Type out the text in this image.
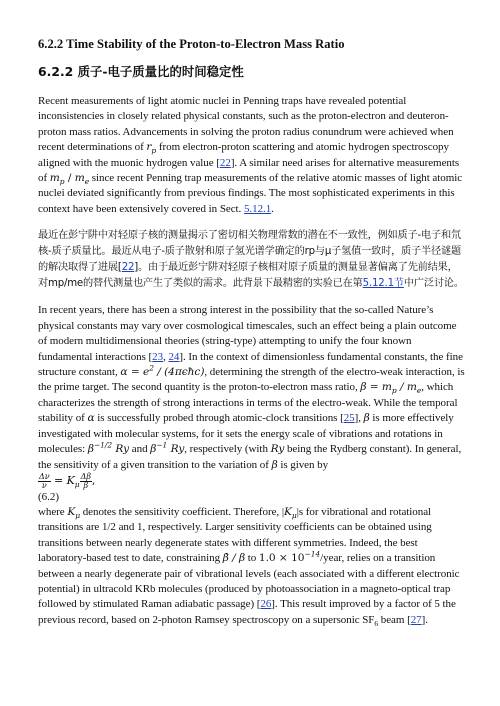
6.2.2 Time Stability of the Proton-to-Electron Mass Ratio
6.2.2 质子-电子质量比的时间稳定性

Recent measurements of light atomic nuclei in Penning traps have revealed potential inconsistencies in closely related physical constants, such as the proton-electron and deuteron-proton mass ratios. Advancements in solving the proton radius conundrum were achieved when recent determinations of $r_p$ from electron-proton scattering and atomic hydrogen spectroscopy aligned with the muonic hydrogen value [22]. A similar need arises for alternative measurements of $m_p / m_e$ since recent Penning trap measurements of the relative atomic masses of light atomic nuclei deviated significantly from previous findings. The most sophisticated experiments in this context have been extensively covered in Sect. 5.12.1.

最近在彭宁阱中对轻原子核的测量揭示了密切相关物理常数的潜在不一致性，例如质子-电子和氘核-质子质量比。最近从电子-质子散射和原子氢光谱学确定的rp与μ子氢值一致时，质子半径谜题的解决取得了进展[22]。由于最近彭宁阱对轻原子核相对原子质量的测量显著偏离了先前结果，对mp/me的替代测量也产生了类似的需求。此背景下最精密的实验已在第5.12.1节中广泛讨论。

In recent years, there has been a strong interest in the possibility that the so-called Nature’s physical constants may vary over cosmological timescales, such an effect being a plain outcome of modern multidimensional theories (string-type) attempting to unify the four known fundamental interactions [23, 24]. In the context of dimensionless fundamental constants, the fine structure constant, $\alpha = e^2$ / (4πϵħc), determining the strength of the electro-weak interaction, is the prime target. The second quantity is the proton-to-electron mass ratio, $\beta = m_p / m_e$, which characterizes the strength of strong interactions in terms of the electro-weak. While the temporal stability of α is successfully probed through atomic-clock transitions [25], β is more effectively investigated with molecular systems, for it sets the energy scale of vibrations and rotations in molecules: $\beta^{-1/2}$ Ry and $\beta^{-1}$ Ry, respectively (with Ry being the Rydberg constant). In general, the sensitivity of a given transition to the variation of β is given by

$\frac{\Delta\nu}{\nu} = K_\mu \frac{\Delta\beta}{\beta}$ ,

(6.2)

where $K_\mu$ denotes the sensitivity coefficient. Therefore, $|K_\mu|s$ for vibrational and rotational transitions are 1/2 and 1, respectively. Larger sensitivity coefficients can be obtained using transitions between nearly degenerate states with different symmetries. Indeed, the best laboratory-based test to date, constraining β̇ / β to $1.0 \times 10^{-14}$/year, relies on a transition between a nearly degenerate pair of vibrational levels (each associated with a different electronic potential) in ultracold KRb molecules (produced by photoassociation in a magneto-optical trap followed by stimulated Raman adiabatic passage) [26]. This result improved by a factor of 5 the previous record, based on 2-photon Ramsey spectroscopy on a supersonic $SF_6$ beam [27].
